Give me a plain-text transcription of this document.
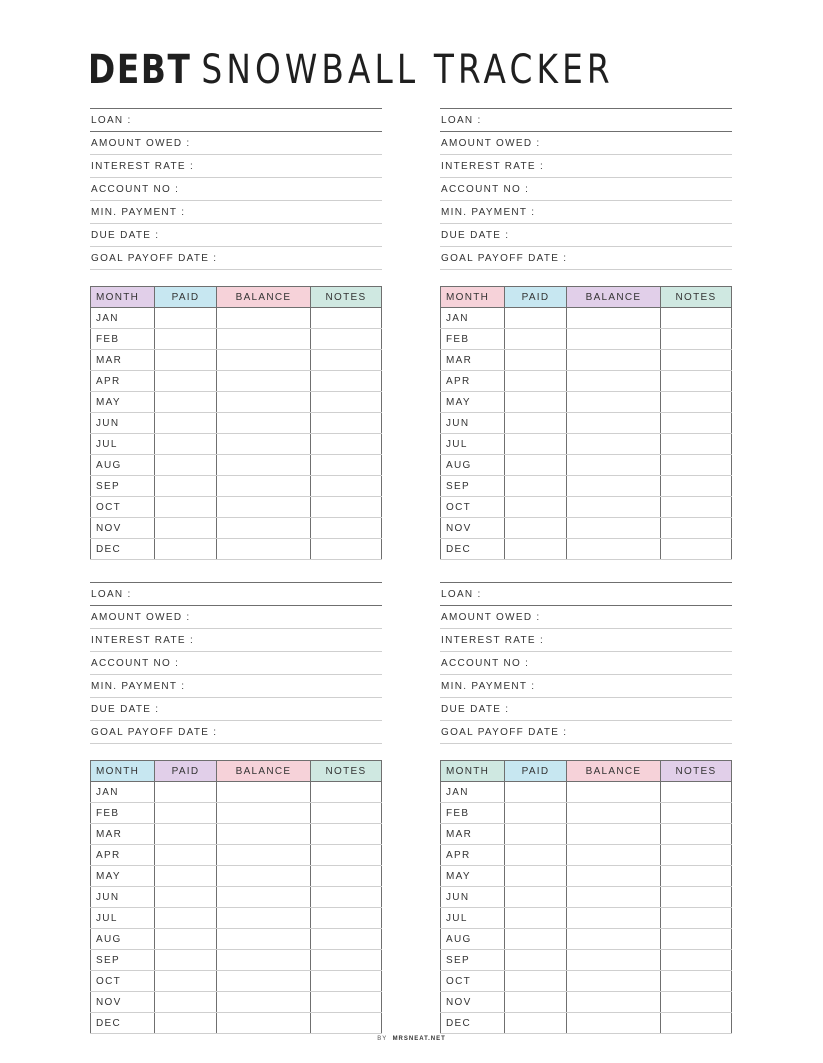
DEBT SNOWBALL TRACKER
LOAN :
AMOUNT OWED :
INTEREST RATE :
ACCOUNT NO :
MIN. PAYMENT :
DUE DATE :
GOAL PAYOFF DATE :
MONTH	PAID	BALANCE	NOTES
JAN			
FEB			
MAR			
APR			
MAY			
JUN			
JUL			
AUG			
SEP			
OCT			
NOV			
DEC			
LOAN :
AMOUNT OWED :
INTEREST RATE :
ACCOUNT NO :
MIN. PAYMENT :
DUE DATE :
GOAL PAYOFF DATE :
MONTH	PAID	BALANCE	NOTES
JAN			
FEB			
MAR			
APR			
MAY			
JUN			
JUL			
AUG			
SEP			
OCT			
NOV			
DEC			
LOAN :
AMOUNT OWED :
INTEREST RATE :
ACCOUNT NO :
MIN. PAYMENT :
DUE DATE :
GOAL PAYOFF DATE :
MONTH	PAID	BALANCE	NOTES
JAN			
FEB			
MAR			
APR			
MAY			
JUN			
JUL			
AUG			
SEP			
OCT			
NOV			
DEC			
LOAN :
AMOUNT OWED :
INTEREST RATE :
ACCOUNT NO :
MIN. PAYMENT :
DUE DATE :
GOAL PAYOFF DATE :
MONTH	PAID	BALANCE	NOTES
JAN			
FEB			
MAR			
APR			
MAY			
JUN			
JUL			
AUG			
SEP			
OCT			
NOV			
DEC			
BY MRSNEAT.NET
